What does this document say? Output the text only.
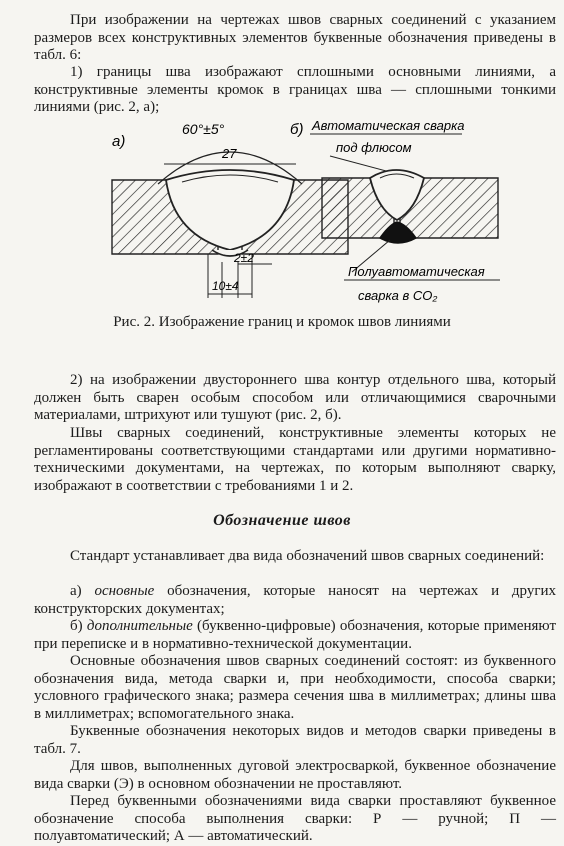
При изображении на чертежах швов сварных соединений с указанием размеров всех конструктивных элементов буквенные обозначения приведены в табл. 6:

1) границы шва изображают сплошными основными линиями, а конструктивные элементы кромок в границах шва — сплошными тонкими линиями (рис. 2, а);

а)
60°±5°
27
2±2
10±4
б) Автоматическая сварка
под флюсом
Полуавтоматическая
сварка в CO₂
Рис. 2. Изображение границ и кромок швов линиями

2) на изображении двустороннего шва контур отдельного шва, который должен быть сварен особым способом или отличающимися сварочными материалами, штрихуют или тушуют (рис. 2, б).

Швы сварных соединений, конструктивные элементы которых не регламентированы соответствующими стандартами или другими нормативно-техническими документами, на чертежах, по которым выполняют сварку, изображают в соответствии с требованиями 1 и 2.

Обозначение швов

Стандарт устанавливает два вида обозначений швов сварных соединений:

а) основные обозначения, которые наносят на чертежах и других конструкторских документах;

б) дополнительные (буквенно-цифровые) обозначения, которые применяют при переписке и в нормативно-технической документации.

Основные обозначения швов сварных соединений состоят: из буквенного обозначения вида, метода сварки и, при необходимости, способа сварки; условного графического знака; размера сечения шва в миллиметрах; длины шва в миллиметрах; вспомогательного знака.

Буквенные обозначения некоторых видов и методов сварки приведены в табл. 7.

Для швов, выполненных дуговой электросваркой, буквенное обозначение вида сварки (Э) в основном обозначении не проставляют.

Перед буквенными обозначениями вида сварки проставляют буквенное обозначение способа выполнения сварки: Р — ручной; П — полуавтоматический; А — автоматический.
